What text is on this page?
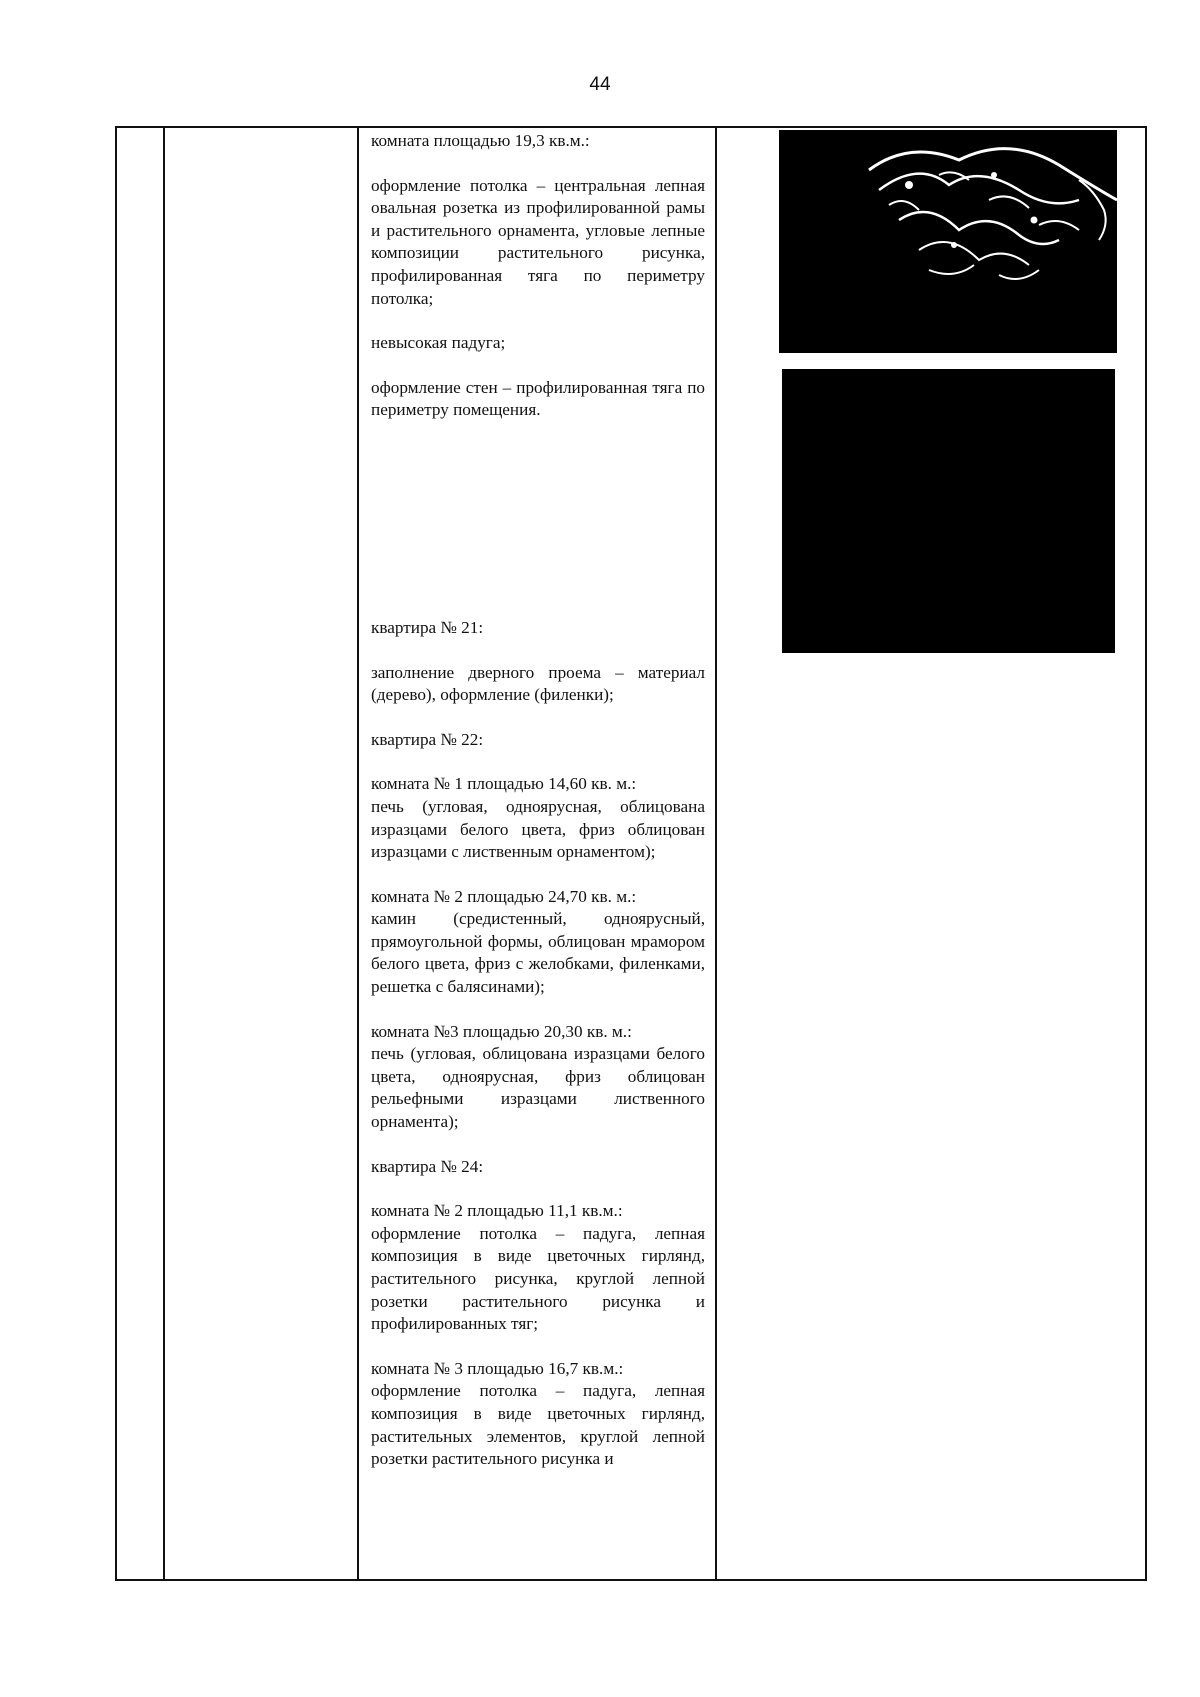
44

комната площадью 19,3 кв.м.:

оформление потолка – центральная лепная овальная розетка из профилированной рамы и растительного орнамента, угловые лепные композиции растительного рисунка, профилированная тяга по периметру потолка;

невысокая падуга;

оформление стен – профилированная тяга по периметру помещения.

квартира № 21:

заполнение дверного проема – материал (дерево), оформление (филенки);

квартира № 22:

комната № 1 площадью 14,60 кв. м.:
печь (угловая, одноярусная, облицована изразцами белого цвета, фриз облицован изразцами с лиственным орнаментом);

комната № 2 площадью 24,70 кв. м.:
камин (средистенный, одноярусный, прямоугольной формы, облицован мрамором белого цвета, фриз с желобками, филенками, решетка с балясинами);

комната №3 площадью 20,30 кв. м.:
печь (угловая, облицована изразцами белого цвета, одноярусная, фриз облицован рельефными изразцами лиственного орнамента);

квартира № 24:

комната № 2 площадью 11,1 кв.м.:
оформление потолка – падуга, лепная композиция в виде цветочных гирлянд, растительного рисунка, круглой лепной розетки растительного рисунка и профилированных тяг;

комната № 3 площадью 16,7 кв.м.:
оформление потолка – падуга, лепная композиция в виде цветочных гирлянд, растительных элементов, круглой лепной розетки растительного рисунка и
